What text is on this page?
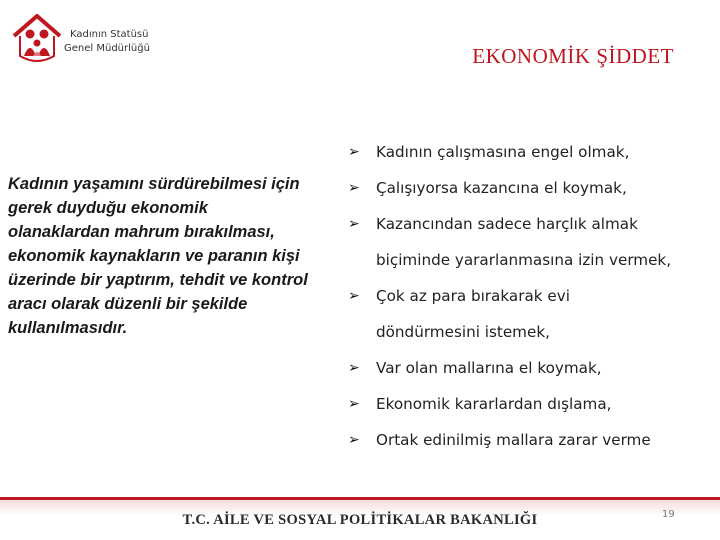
Kadının Statüsü
Genel Müdürlüğü	EKONOMİK ŞİDDET
Kadının yaşamını sürdürebilmesi için gerek duyduğu ekonomik olanaklardan mahrum bırakılması, ekonomik kaynakların ve paranın kişi üzerinde bir yaptırım, tehdit ve kontrol aracı olarak düzenli bir şekilde kullanılmasıdır.
➢ Kadının çalışmasına engel olmak,
➢ Çalışıyorsa kazancına el koymak,
➢ Kazancından sadece harçlık almak
biçiminde yararlanmasına izin vermek,
➢ Çok az para bırakarak evi
döndürmesini istemek,
➢ Var olan mallarına el koymak,
➢ Ekonomik kararlardan dışlama,
➢ Ortak edinilmiş mallara zarar verme
T.C. AİLE VE SOSYAL POLİTİKALAR BAKANLIĞI	19
